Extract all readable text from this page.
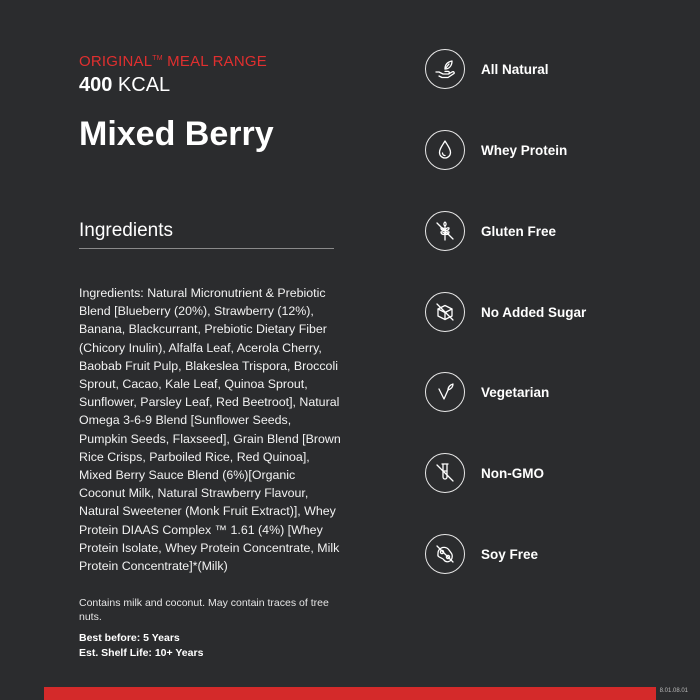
ORIGINAL™ MEAL RANGE
400 KCAL
Mixed Berry
Ingredients
Ingredients: Natural Micronutrient & Prebiotic Blend [Blueberry (20%), Strawberry (12%), Banana, Blackcurrant, Prebiotic Dietary Fiber (Chicory Inulin), Alfalfa Leaf, Acerola Cherry, Baobab Fruit Pulp, Blakeslea Trispora, Broccoli Sprout, Cacao, Kale Leaf, Quinoa Sprout, Sunflower, Parsley Leaf, Red Beetroot], Natural Omega 3-6-9 Blend [Sunflower Seeds, Pumpkin Seeds, Flaxseed], Grain Blend [Brown Rice Crisps, Parboiled Rice, Red Quinoa], Mixed Berry Sauce Blend (6%)[Organic Coconut Milk, Natural Strawberry Flavour, Natural Sweetener (Monk Fruit Extract)], Whey Protein DIAAS Complex ™ 1.61 (4%) [Whey Protein Isolate, Whey Protein Concentrate, Milk Protein Concentrate]*(Milk)
Contains milk and coconut. May contain traces of tree nuts.
Best before: 5 Years
Est. Shelf Life: 10+ Years
All Natural
Whey Protein
Gluten Free
No Added Sugar
Vegetarian
Non-GMO
Soy Free
8.01.08.01
